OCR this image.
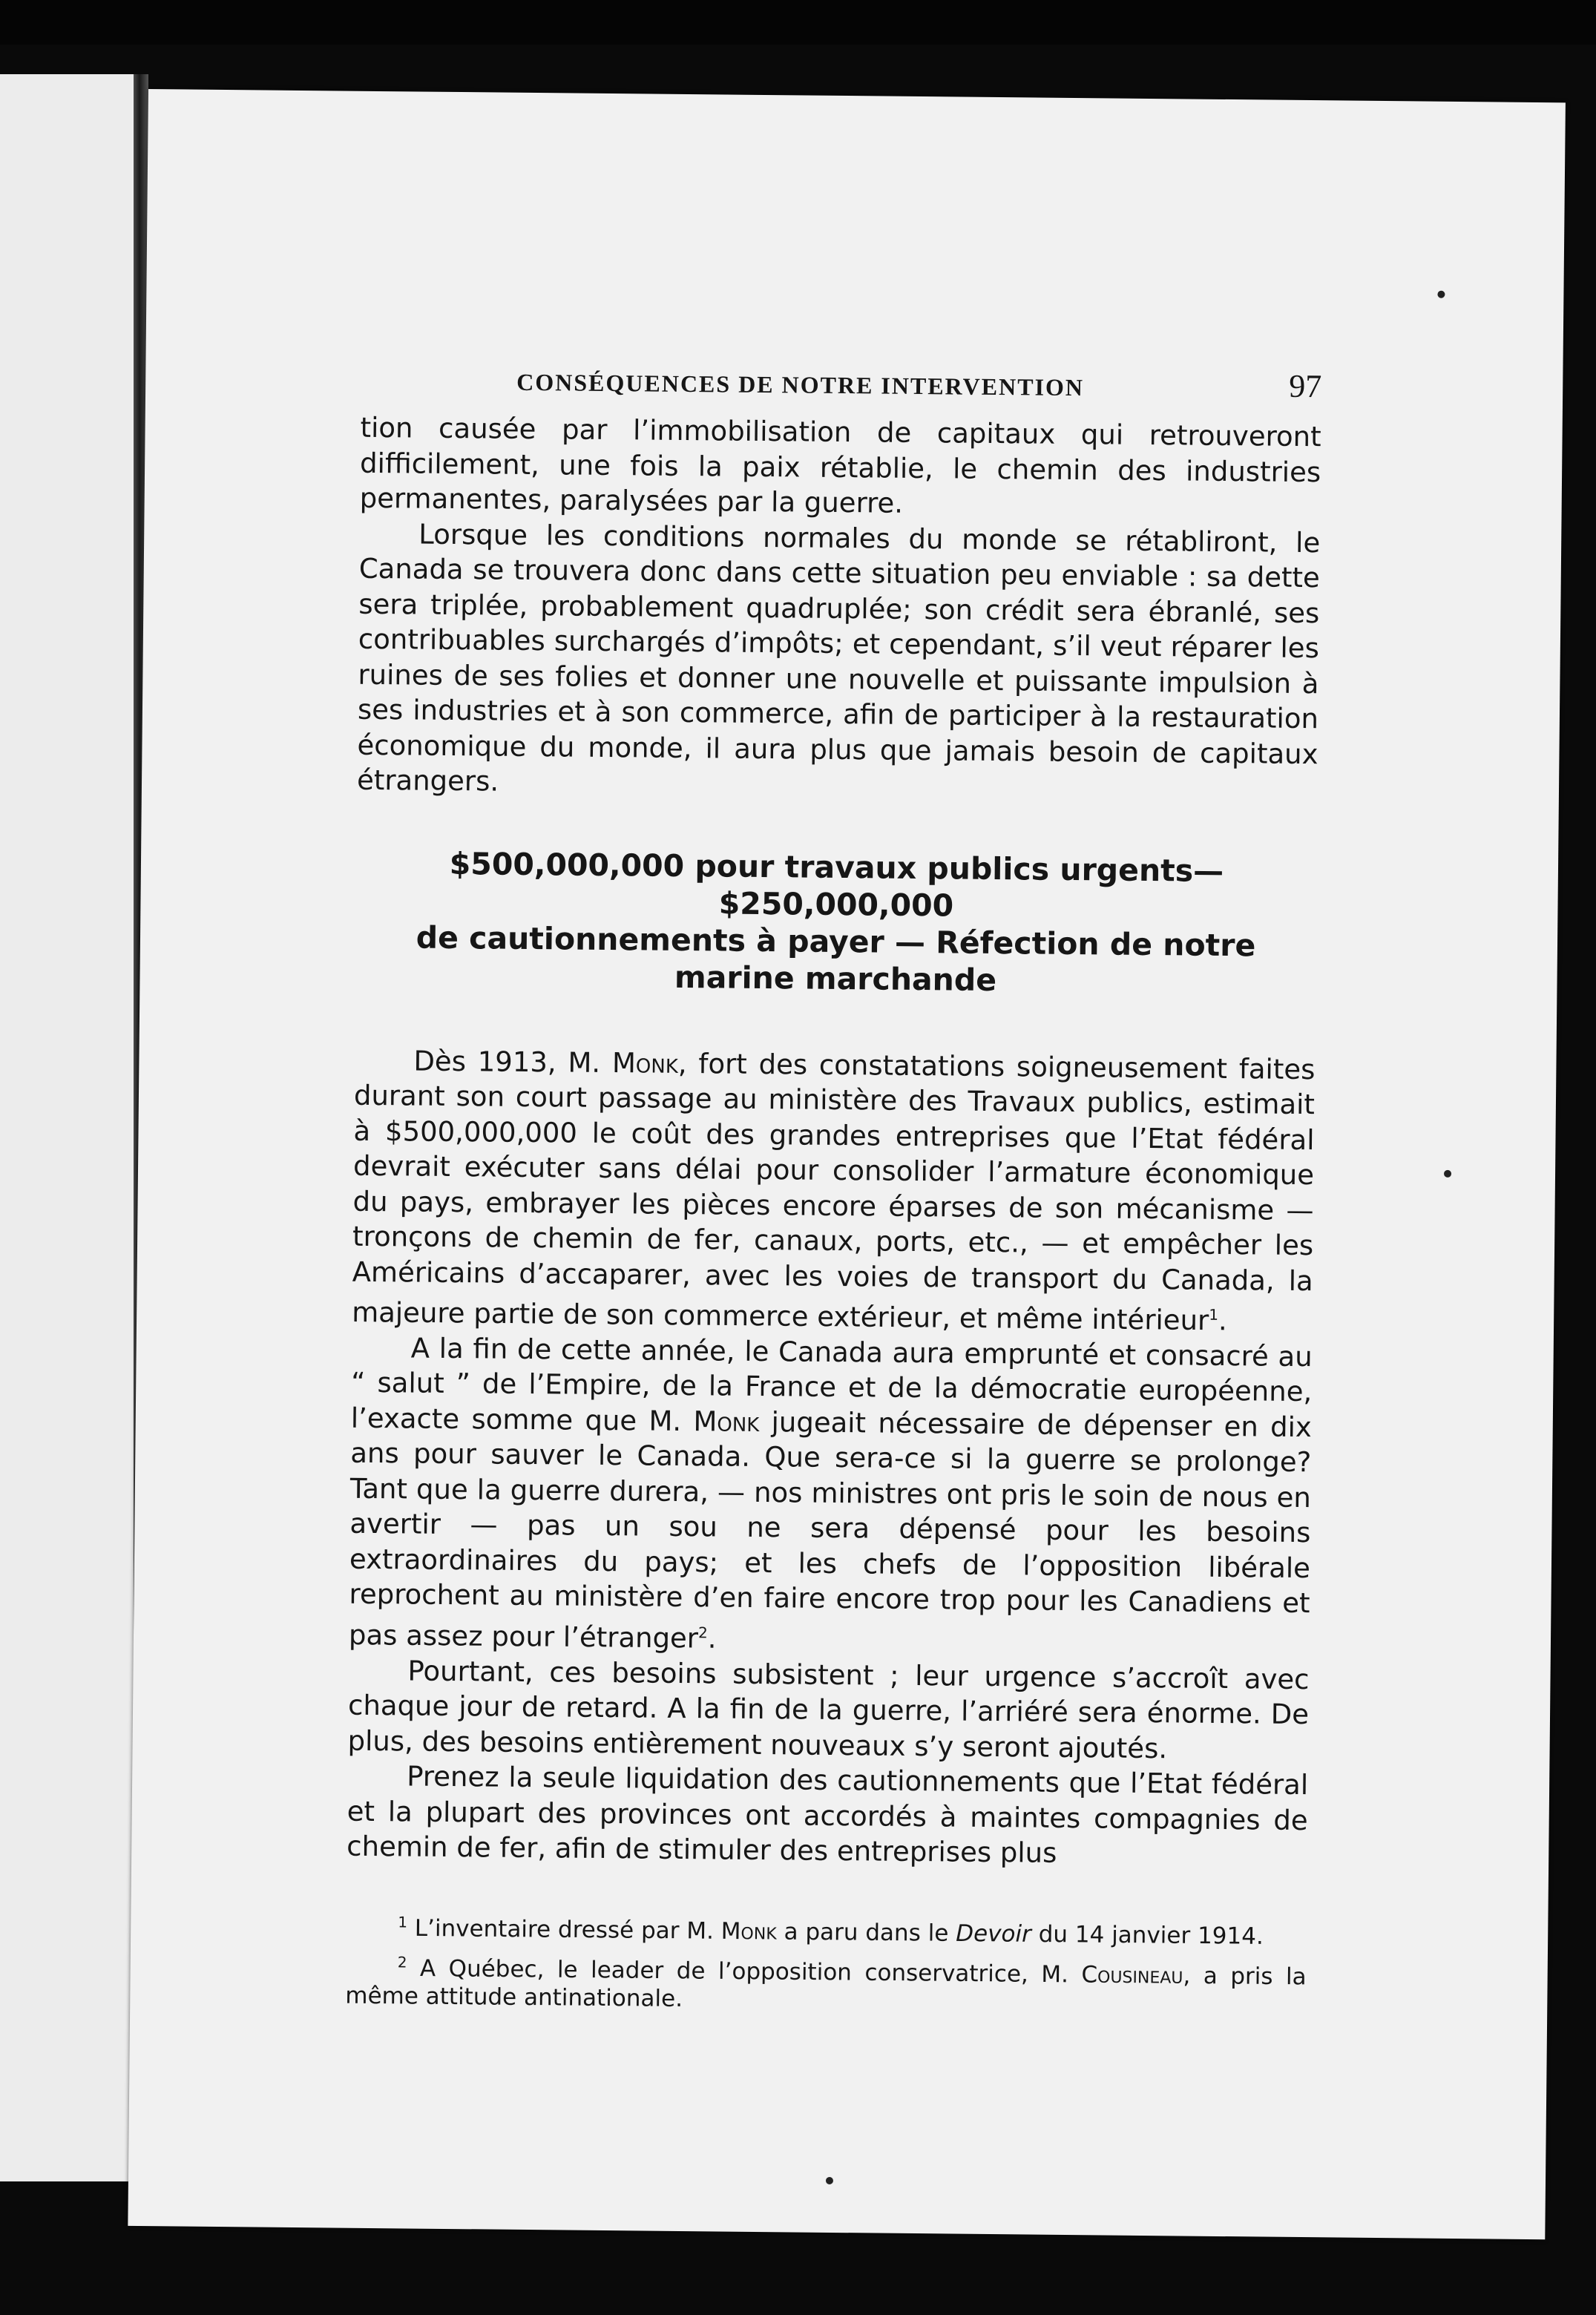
CONSÉQUENCES DE NOTRE INTERVENTION	97

tion causée par l’immobilisation de capitaux qui retrouveront difficilement, une fois la paix rétablie, le chemin des industries permanentes, paralysées par la guerre.

Lorsque les conditions normales du monde se rétabliront, le Canada se trouvera donc dans cette situation peu enviable : sa dette sera triplée, probablement quadruplée; son crédit sera ébranlé, ses contribuables surchargés d’impôts; et cependant, s’il veut réparer les ruines de ses folies et donner une nouvelle et puissante impulsion à ses industries et à son commerce, afin de participer à la restauration économique du monde, il aura plus que jamais besoin de capitaux étrangers.

$500,000,000 pour travaux publics urgents—$250,000,000
de cautionnements à payer — Réfection de notre
marine marchande

Dès 1913, M. Monk, fort des constatations soigneusement faites durant son court passage au ministère des Travaux publics, estimait à $500,000,000 le coût des grandes entreprises que l’Etat fédéral devrait exécuter sans délai pour consolider l’armature économique du pays, embrayer les pièces encore éparses de son mécanisme — tronçons de chemin de fer, canaux, ports, etc., — et empêcher les Américains d’accaparer, avec les voies de transport du Canada, la majeure partie de son commerce extérieur, et même intérieur$^1$.

A la fin de cette année, le Canada aura emprunté et consacré au “ salut ” de l’Empire, de la France et de la démocratie européenne, l’exacte somme que M. Monk jugeait nécessaire de dépenser en dix ans pour sauver le Canada. Que sera-ce si la guerre se prolonge? Tant que la guerre durera, — nos ministres ont pris le soin de nous en avertir — pas un sou ne sera dépensé pour les besoins extraordinaires du pays; et les chefs de l’opposition libérale reprochent au ministère d’en faire encore trop pour les Canadiens et pas assez pour l’étranger$^2$.

Pourtant, ces besoins subsistent ; leur urgence s’accroît avec chaque jour de retard. A la fin de la guerre, l’arriéré sera énorme. De plus, des besoins entièrement nouveaux s’y seront ajoutés.

Prenez la seule liquidation des cautionnements que l’Etat fédéral et la plupart des provinces ont accordés à maintes compagnies de chemin de fer, afin de stimuler des entreprises plus

$^1$ L’inventaire dressé par M. Monk a paru dans le Devoir du 14 janvier 1914.

$^2$ A Québec, le leader de l’opposition conservatrice, M. Cousineau, a pris la même attitude antinationale.
